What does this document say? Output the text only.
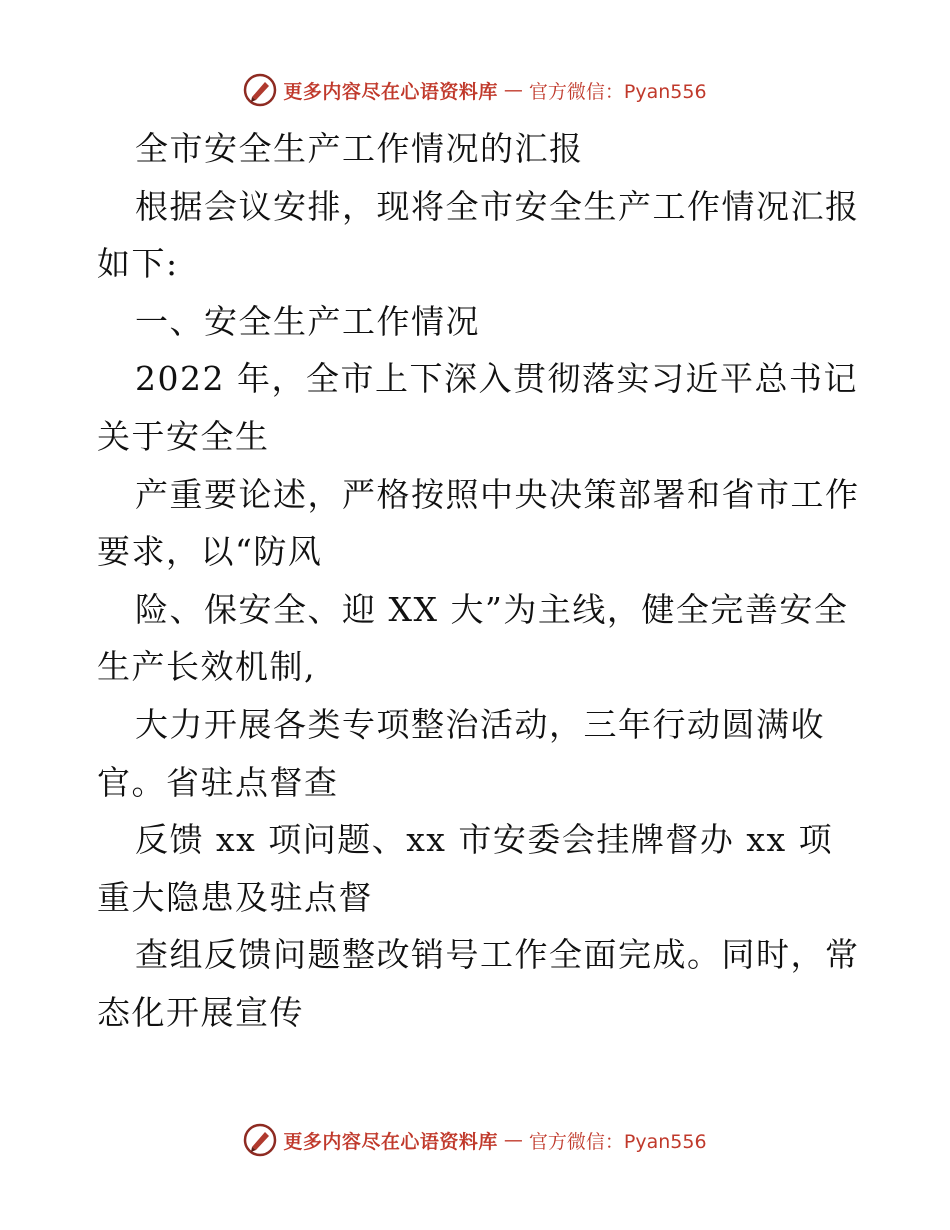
更多内容尽在心语资料库 — 官方微信：Pyan556
全市安全生产工作情况的汇报
根据会议安排，现将全市安全生产工作情况汇报
如下:
一、安全生产工作情况
2022 年，全市上下深入贯彻落实习近平总书记
关于安全生
产重要论述，严格按照中央决策部署和省市工作
要求，以“防风
险、保安全、迎 XX 大”为主线，健全完善安全
生产长效机制,
大力开展各类专项整治活动，三年行动圆满收
官。省驻点督查
反馈 xx 项问题、xx 市安委会挂牌督办 xx 项
重大隐患及驻点督
查组反馈问题整改销号工作全面完成。同时，常
态化开展宣传
更多内容尽在心语资料库 — 官方微信：Pyan556
